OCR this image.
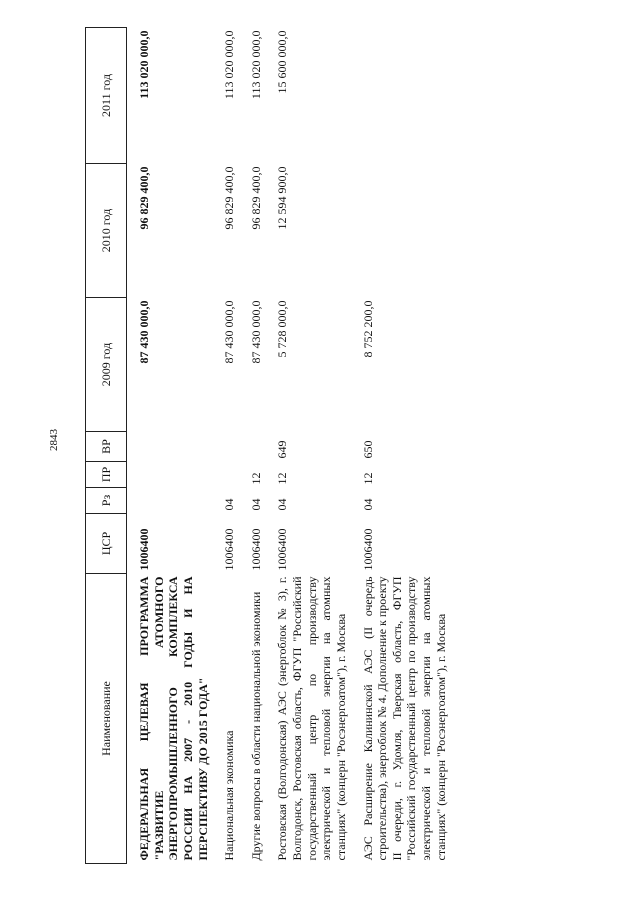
2843
Наименование	ЦСР	Рз	ПР	ВР	2009 год	2010 год	2011 год
ФЕДЕРАЛЬНАЯ ЦЕЛЕВАЯ ПРОГРАММА "РАЗВИТИЕ АТОМНОГО ЭНЕРГОПРОМЫШЛЕННОГО КОМПЛЕКСА РОССИИ НА 2007 - 2010 ГОДЫ И НА ПЕРСПЕКТИВУ ДО 2015 ГОДА"	1006400				87 430 000,0	96 829 400,0	113 020 000,0
Национальная экономика	1006400	04			87 430 000,0	96 829 400,0	113 020 000,0
Другие вопросы в области национальной экономики	1006400	04	12		87 430 000,0	96 829 400,0	113 020 000,0
Ростовская (Волгодонская) АЭС (энергоблок № 3), г. Волгодонск, Ростовская область, ФГУП "Российский государственный центр по производству электрической и тепловой энергии на атомных станциях" (концерн "Росэнергоатом"), г. Москва	1006400	04	12	649	5 728 000,0	12 594 900,0	15 600 000,0
АЭС Расширение Калининской АЭС (II очередь строительства), энергоблок № 4. Дополнение к проекту II очереди, г. Удомля, Тверская область, ФГУП "Российский государственный центр по производству электрической и тепловой энергии на атомных станциях" (концерн "Росэнергоатом"), г. Москва	1006400	04	12	650	8 752 200,0		
